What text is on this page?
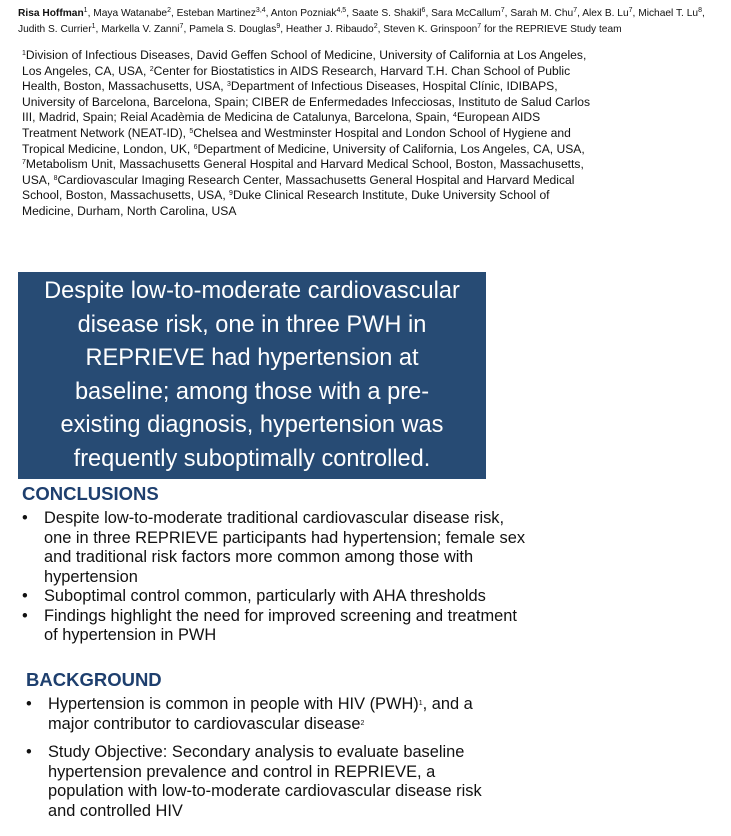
Risa Hoffman$^1$, Maya Watanabe$^2$, Esteban Martinez$^{3,4}$, Anton Pozniak$^{4,5}$, Saate S. Shakil$^6$, Sara McCallum$^7$, Sarah M. Chu$^7$, Alex B. Lu$^7$, Michael T. Lu$^8$, Judith S. Currier$^1$, Markella V. Zanni$^7$, Pamela S. Douglas$^9$, Heather J. Ribaudo$^2$, Steven K. Grinspoon$^7$ for the REPRIEVE Study team
$^1$Division of Infectious Diseases, David Geffen School of Medicine, University of California at Los Angeles, Los Angeles, CA, USA, $^2$Center for Biostatistics in AIDS Research, Harvard T.H. Chan School of Public Health, Boston, Massachusetts, USA, $^3$Department of Infectious Diseases, Hospital Clínic, IDIBAPS, University of Barcelona, Barcelona, Spain; CIBER de Enfermedades Infecciosas, Instituto de Salud Carlos III, Madrid, Spain; Reial Acadèmia de Medicina de Catalunya, Barcelona, Spain, $^4$European AIDS Treatment Network (NEAT-ID), $^5$Chelsea and Westminster Hospital and London School of Hygiene and Tropical Medicine, London, UK, $^6$Department of Medicine, University of California, Los Angeles, CA, USA, $^7$Metabolism Unit, Massachusetts General Hospital and Harvard Medical School, Boston, Massachusetts, USA, $^8$Cardiovascular Imaging Research Center, Massachusetts General Hospital and Harvard Medical School, Boston, Massachusetts, USA, $^9$Duke Clinical Research Institute, Duke University School of Medicine, Durham, North Carolina, USA
Despite low-to-moderate cardiovascular
disease risk, one in three PWH in
REPRIEVE had hypertension at
baseline; among those with a pre-
existing diagnosis, hypertension was
frequently suboptimally controlled.
CONCLUSIONS
• Despite low-to-moderate traditional cardiovascular disease risk,
one in three REPRIEVE participants had hypertension; female sex
and traditional risk factors more common among those with
hypertension
• Suboptimal control common, particularly with AHA thresholds
• Findings highlight the need for improved screening and treatment
of hypertension in PWH
BACKGROUND
• Hypertension is common in people with HIV (PWH)$^1$, and a
major contributor to cardiovascular disease$^2$
• Study Objective: Secondary analysis to evaluate baseline
hypertension prevalence and control in REPRIEVE, a
population with low-to-moderate cardiovascular disease risk
and controlled HIV
